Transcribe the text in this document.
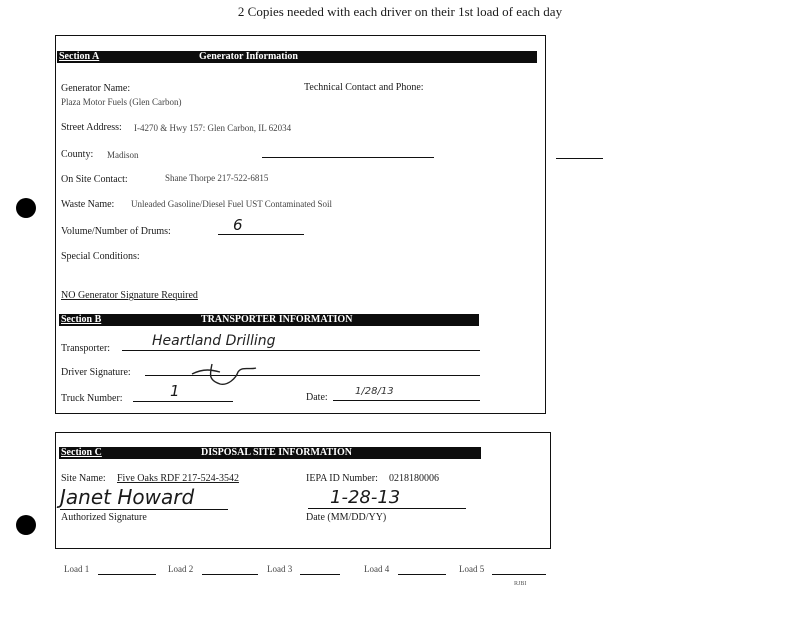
2 Copies needed with each driver on their 1st load of each day
Section A	Generator Information
Generator Name:	Technical Contact and Phone:
Plaza Motor Fuels (Glen Carbon)
Street Address: I-4270 & Hwy 157: Glen Carbon, IL 62034
County: Madison
On Site Contact:	Shane Thorpe 217-522-6815
Waste Name: Unleaded Gasoline/Diesel Fuel UST Contaminated Soil
Volume/Number of Drums:	6
Special Conditions:
NO Generator Signature Required
Section B	TRANSPORTER INFORMATION
Transporter:	Heartland Drilling
Driver Signature:
Truck Number:	1	Date:
1/28/13
Section C	DISPOSAL SITE INFORMATION
Site Name: Five Oaks RDF 217-524-3542	IEPA ID Number: 0218180006
Janet Howard
Authorized Signature
1-28-13
Date (MM/DD/YY)
Load 1	Load 2	Load 3	Load 4	Load 5
RJBI
